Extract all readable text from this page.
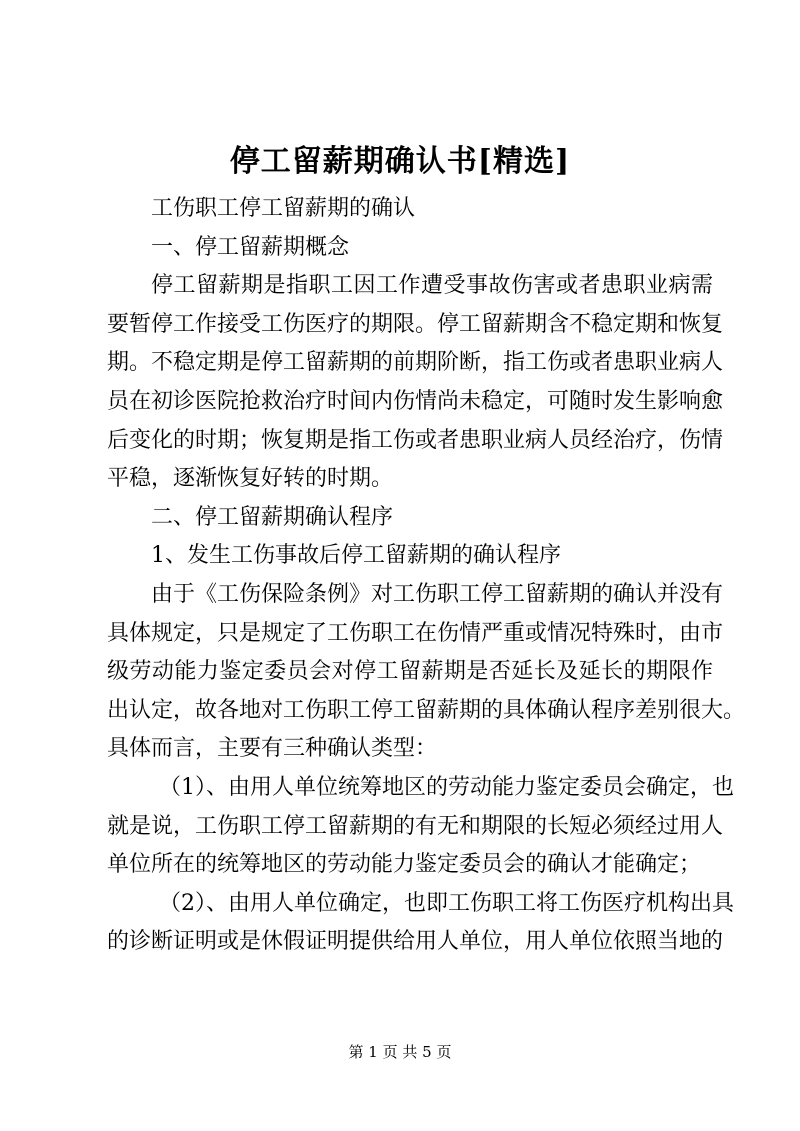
停工留薪期确认书[精选]
工伤职工停工留薪期的确认
一、停工留薪期概念
停工留薪期是指职工因工作遭受事故伤害或者患职业病需
要暂停工作接受工伤医疗的期限。停工留薪期含不稳定期和恢复
期。不稳定期是停工留薪期的前期阶断，指工伤或者患职业病人
员在初诊医院抢救治疗时间内伤情尚未稳定，可随时发生影响愈
后变化的时期；恢复期是指工伤或者患职业病人员经治疗，伤情
平稳，逐渐恢复好转的时期。
二、停工留薪期确认程序
1、发生工伤事故后停工留薪期的确认程序
由于《工伤保险条例》对工伤职工停工留薪期的确认并没有
具体规定，只是规定了工伤职工在伤情严重或情况特殊时，由市
级劳动能力鉴定委员会对停工留薪期是否延长及延长的期限作
出认定，故各地对工伤职工停工留薪期的具体确认程序差别很大。
具体而言，主要有三种确认类型：
（1）、由用人单位统筹地区的劳动能力鉴定委员会确定，也
就是说，工伤职工停工留薪期的有无和期限的长短必须经过用人
单位所在的统筹地区的劳动能力鉴定委员会的确认才能确定；
（2）、由用人单位确定，也即工伤职工将工伤医疗机构出具
的诊断证明或是休假证明提供给用人单位，用人单位依照当地的
第 1 页 共 5 页
